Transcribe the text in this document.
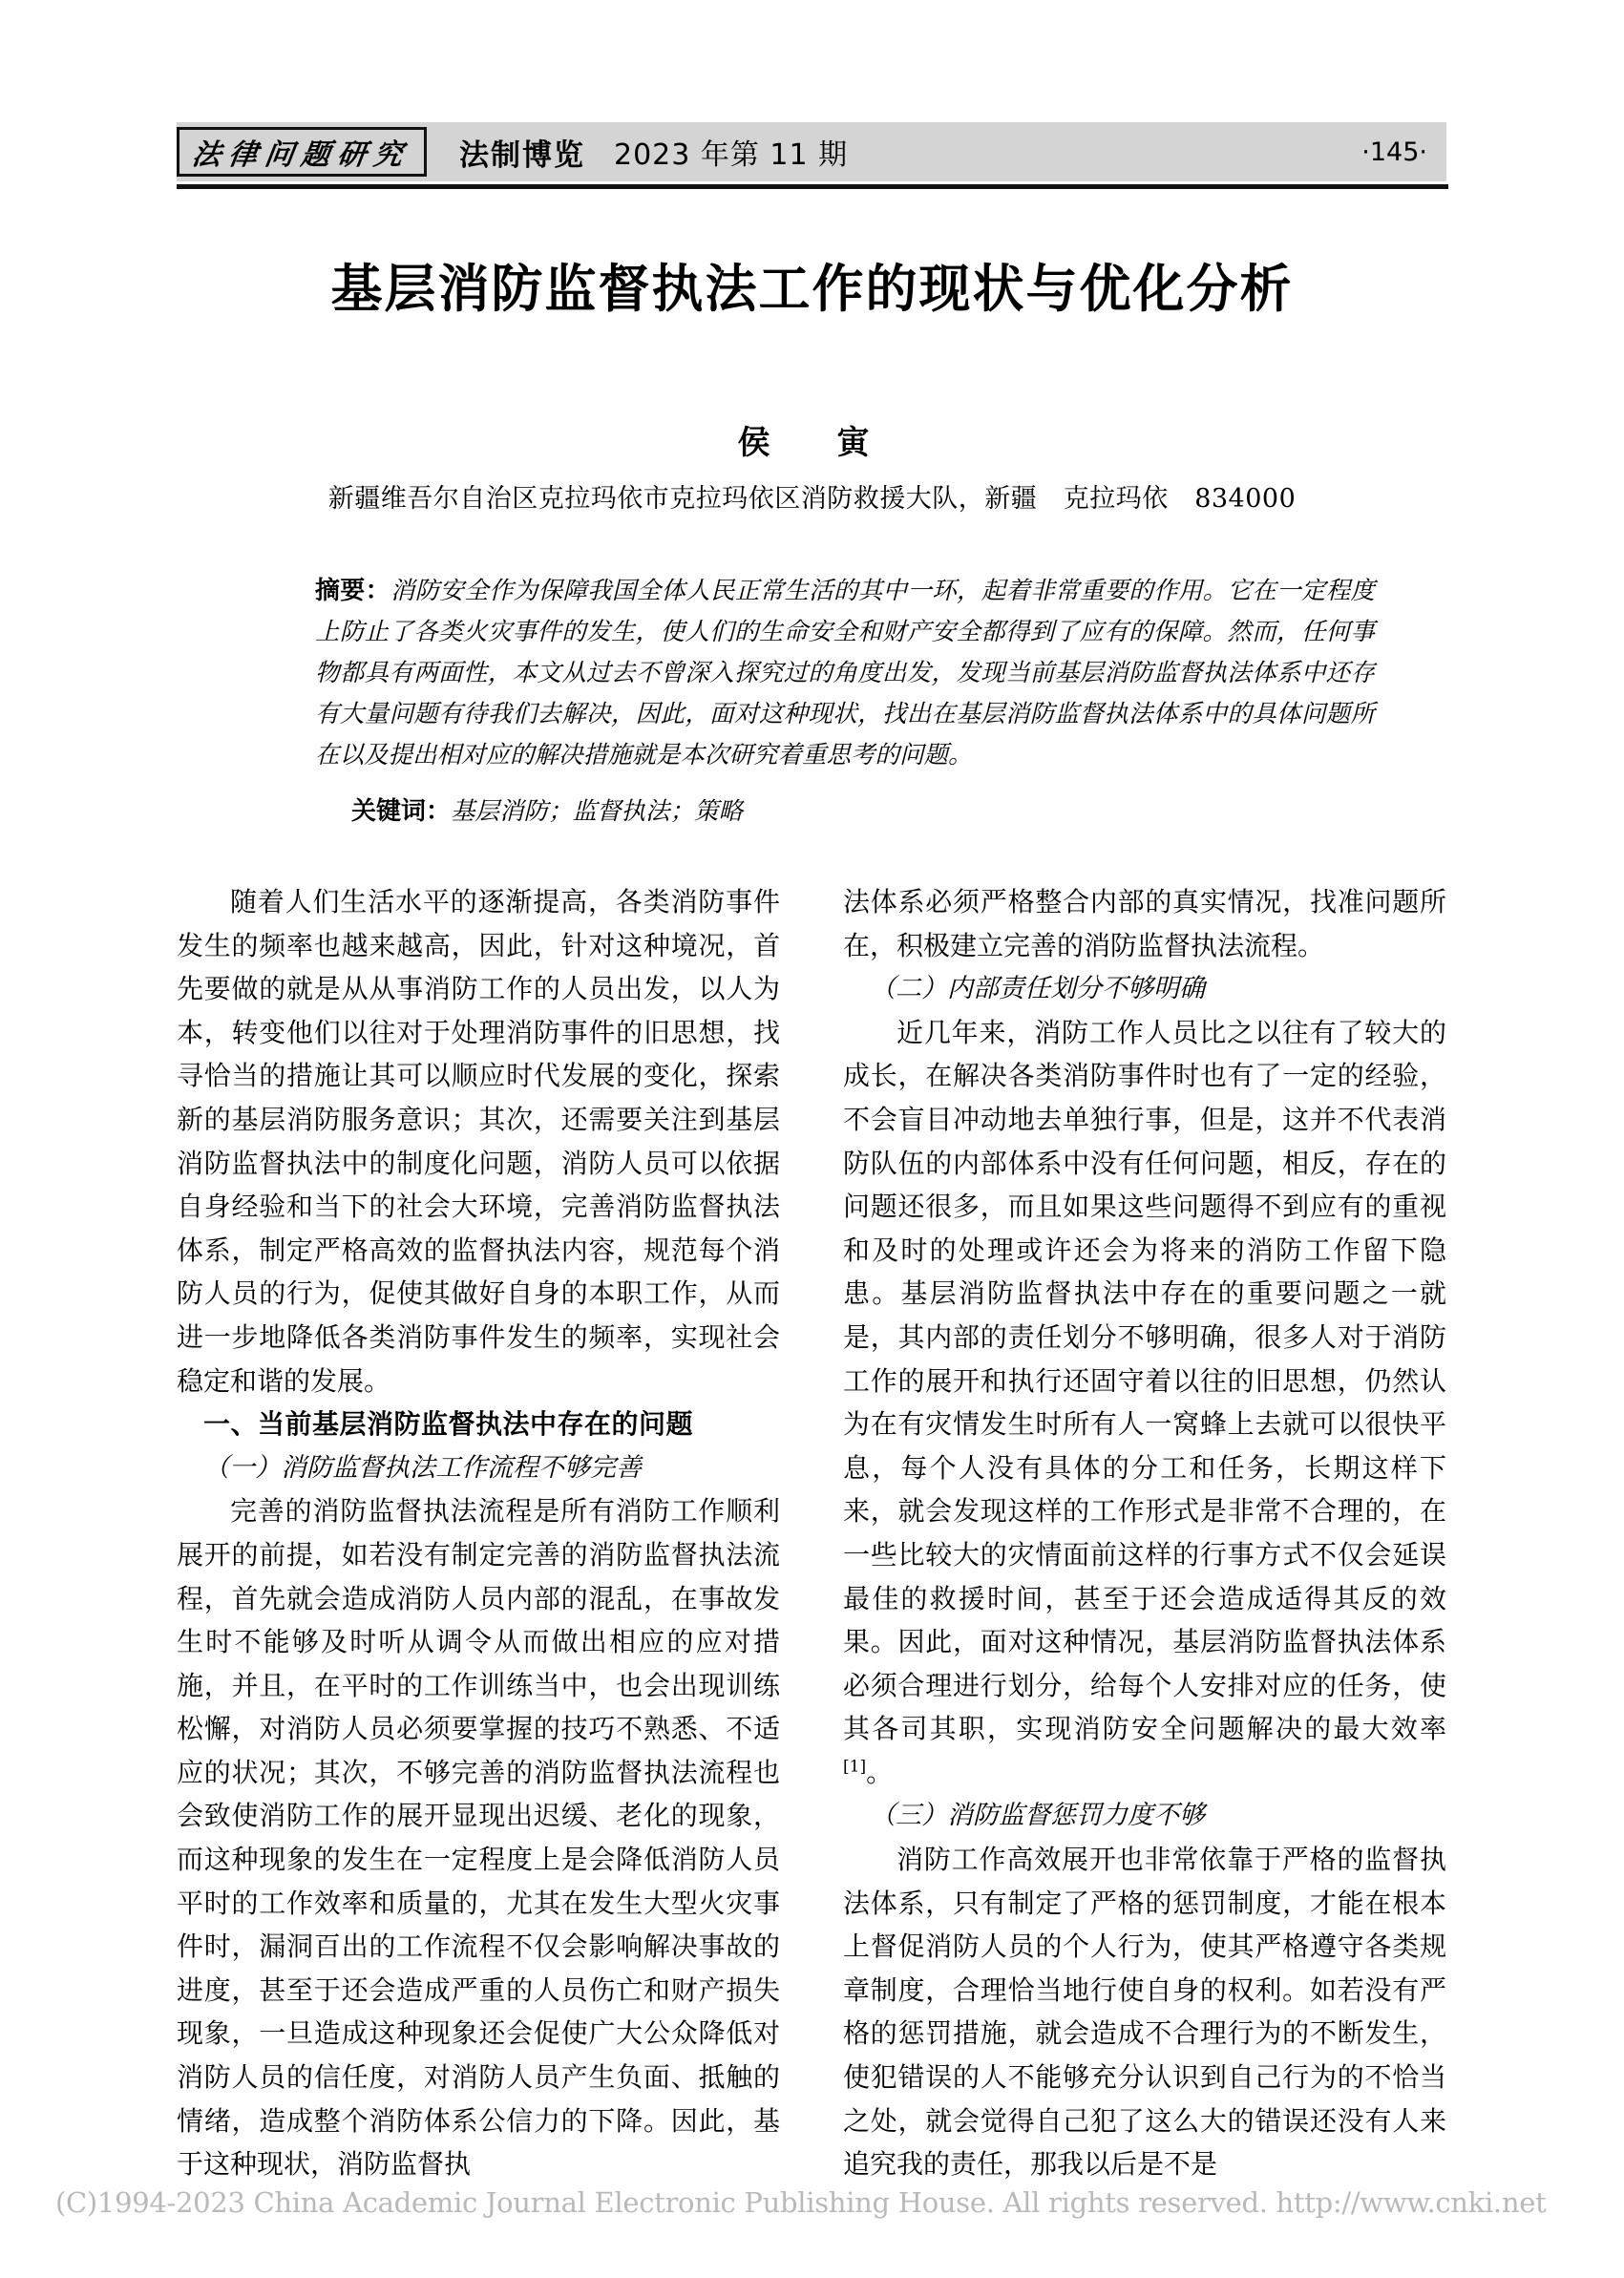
法律问题研究 法制博览 2023 年第 11 期	·145·
基层消防监督执法工作的现状与优化分析
侯　寅
新疆维吾尔自治区克拉玛依市克拉玛依区消防救援大队，新疆　克拉玛依　834000

摘要：消防安全作为保障我国全体人民正常生活的其中一环，起着非常重要的作用。它在一定程度上防止了各类火灾事件的发生，使人们的生命安全和财产安全都得到了应有的保障。然而，任何事物都具有两面性，本文从过去不曾深入探究过的角度出发，发现当前基层消防监督执法体系中还存有大量问题有待我们去解决，因此，面对这种现状，找出在基层消防监督执法体系中的具体问题所在以及提出相对应的解决措施就是本次研究着重思考的问题。

关键词：基层消防；监督执法；策略

随着人们生活水平的逐渐提高，各类消防事件发生的频率也越来越高，因此，针对这种境况，首先要做的就是从从事消防工作的人员出发，以人为本，转变他们以往对于处理消防事件的旧思想，找寻恰当的措施让其可以顺应时代发展的变化，探索新的基层消防服务意识；其次，还需要关注到基层消防监督执法中的制度化问题，消防人员可以依据自身经验和当下的社会大环境，完善消防监督执法体系，制定严格高效的监督执法内容，规范每个消防人员的行为，促使其做好自身的本职工作，从而进一步地降低各类消防事件发生的频率，实现社会稳定和谐的发展。

一、当前基层消防监督执法中存在的问题

（一）消防监督执法工作流程不够完善

完善的消防监督执法流程是所有消防工作顺利展开的前提，如若没有制定完善的消防监督执法流程，首先就会造成消防人员内部的混乱，在事故发生时不能够及时听从调令从而做出相应的应对措施，并且，在平时的工作训练当中，也会出现训练松懈，对消防人员必须要掌握的技巧不熟悉、不适应的状况；其次，不够完善的消防监督执法流程也会致使消防工作的展开显现出迟缓、老化的现象，而这种现象的发生在一定程度上是会降低消防人员平时的工作效率和质量的，尤其在发生大型火灾事件时，漏洞百出的工作流程不仅会影响解决事故的进度，甚至于还会造成严重的人员伤亡和财产损失现象，一旦造成这种现象还会促使广大公众降低对消防人员的信任度，对消防人员产生负面、抵触的情绪，造成整个消防体系公信力的下降。因此，基于这种现状，消防监督执

法体系必须严格整合内部的真实情况，找准问题所在，积极建立完善的消防监督执法流程。

（二）内部责任划分不够明确

近几年来，消防工作人员比之以往有了较大的成长，在解决各类消防事件时也有了一定的经验，不会盲目冲动地去单独行事，但是，这并不代表消防队伍的内部体系中没有任何问题，相反，存在的问题还很多，而且如果这些问题得不到应有的重视和及时的处理或许还会为将来的消防工作留下隐患。基层消防监督执法中存在的重要问题之一就是，其内部的责任划分不够明确，很多人对于消防工作的展开和执行还固守着以往的旧思想，仍然认为在有灾情发生时所有人一窝蜂上去就可以很快平息，每个人没有具体的分工和任务，长期这样下来，就会发现这样的工作形式是非常不合理的，在一些比较大的灾情面前这样的行事方式不仅会延误最佳的救援时间，甚至于还会造成适得其反的效果。因此，面对这种情况，基层消防监督执法体系必须合理进行划分，给每个人安排对应的任务，使其各司其职，实现消防安全问题解决的最大效率[1]。

（三）消防监督惩罚力度不够

消防工作高效展开也非常依靠于严格的监督执法体系，只有制定了严格的惩罚制度，才能在根本上督促消防人员的个人行为，使其严格遵守各类规章制度，合理恰当地行使自身的权利。如若没有严格的惩罚措施，就会造成不合理行为的不断发生，使犯错误的人不能够充分认识到自己行为的不恰当之处，就会觉得自己犯了这么大的错误还没有人来追究我的责任，那我以后是不是

(C)1994-2023 China Academic Journal Electronic Publishing House. All rights reserved. http://www.cnki.net
